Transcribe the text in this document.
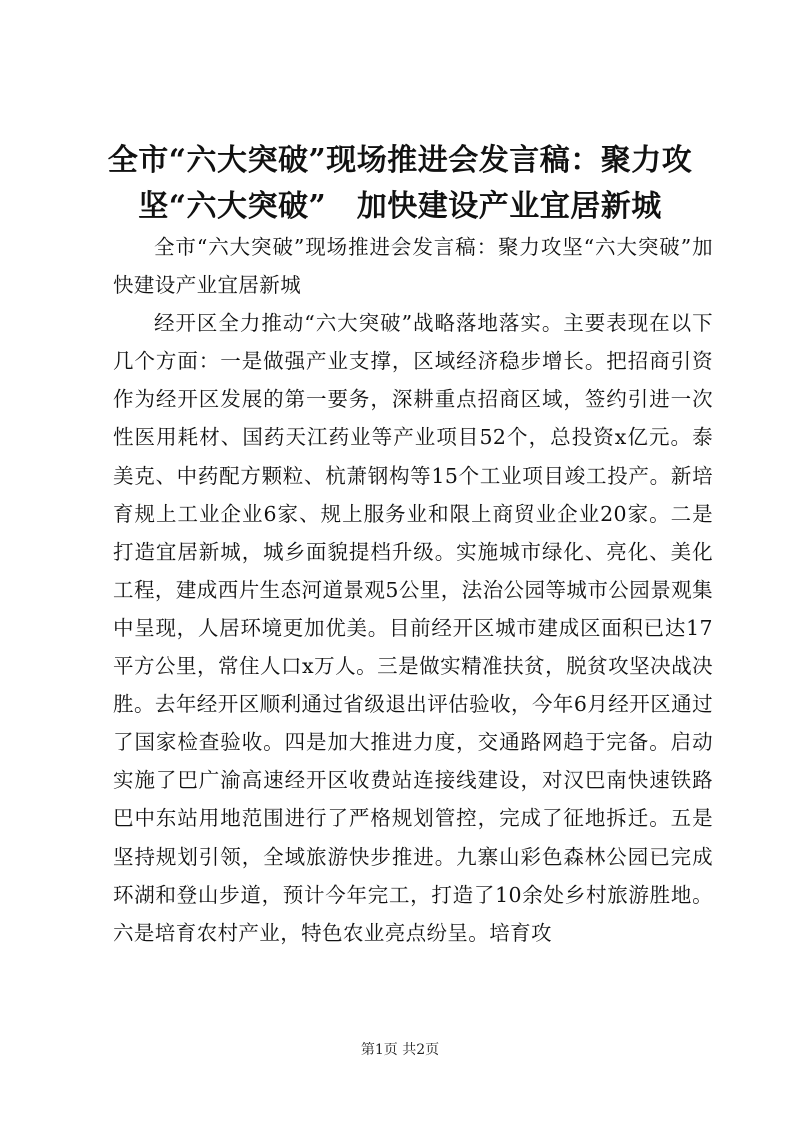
全市“六大突破”现场推进会发言稿：聚力攻
坚“六大突破”　加快建设产业宜居新城

全市“六大突破”现场推进会发言稿：聚力攻坚“六大突破”加快建设产业宜居新城

经开区全力推动“六大突破”战略落地落实。主要表现在以下几个方面：一是做强产业支撑，区域经济稳步增长。把招商引资作为经开区发展的第一要务，深耕重点招商区域，签约引进一次性医用耗材、国药天江药业等产业项目52个，总投资x亿元。泰美克、中药配方颗粒、杭萧钢构等15个工业项目竣工投产。新培育规上工业企业6家、规上服务业和限上商贸业企业20家。二是打造宜居新城，城乡面貌提档升级。实施城市绿化、亮化、美化工程，建成西片生态河道景观5公里，法治公园等城市公园景观集中呈现，人居环境更加优美。目前经开区城市建成区面积已达17平方公里，常住人口x万人。三是做实精准扶贫，脱贫攻坚决战决胜。去年经开区顺利通过省级退出评估验收，今年6月经开区通过了国家检查验收。四是加大推进力度，交通路网趋于完备。启动实施了巴广渝高速经开区收费站连接线建设，对汉巴南快速铁路巴中东站用地范围进行了严格规划管控，完成了征地拆迁。五是坚持规划引领，全域旅游快步推进。九寨山彩色森林公园已完成环湖和登山步道，预计今年完工，打造了10余处乡村旅游胜地。六是培育农村产业，特色农业亮点纷呈。培育攻

第1页 共2页
